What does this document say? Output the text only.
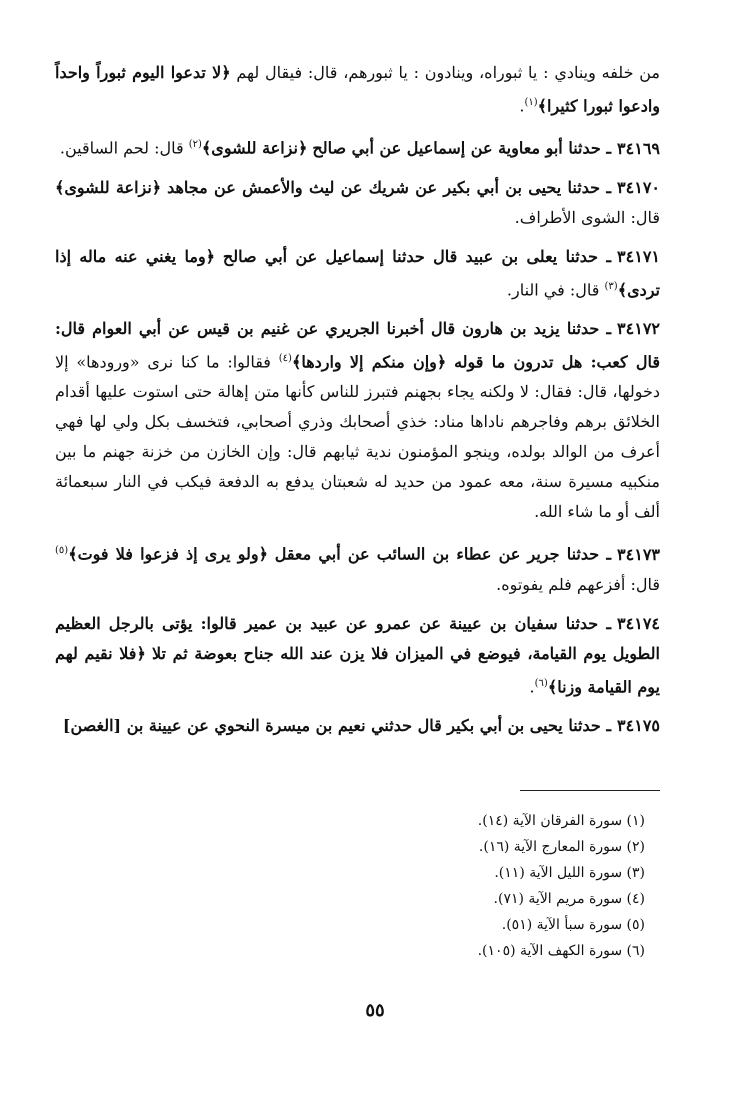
من خلفه وينادي : يا ثبوراه، وينادون : يا ثبورهم، قال: فيقال لهم ﴿لا تدعوا اليوم ثبوراً واحداً وادعوا ثبورا كثيرا﴾$^{(١)}$.

٣٤١٦٩ـ حدثنا أبو معاوية عن إسماعيل عن أبي صالح ﴿نزاعة للشوى﴾$^{(٢)}$ قال: لحم الساقين.

٣٤١٧٠ـ حدثنا يحيى بن أبي بكير عن شريك عن ليث والأعمش عن مجاهد ﴿نزاعة للشوى﴾ قال: الشوى الأطراف.

٣٤١٧١ـ حدثنا يعلى بن عبيد قال حدثنا إسماعيل عن أبي صالح ﴿وما يغني عنه ماله إذا تردى﴾$^{(٣)}$ قال: في النار.

٣٤١٧٢ـ حدثنا يزيد بن هارون قال أخبرنا الجريري عن غنيم بن قيس عن أبي العوام قال: قال كعب: هل تدرون ما قوله ﴿وإن منكم إلا واردها﴾$^{(٤)}$ فقالوا: ما كنا نرى «ورودها» إلا دخولها، قال: فقال: لا ولكنه يجاء بجهنم فتبرز للناس كأنها متن إهالة حتى استوت عليها أقدام الخلائق برهم وفاجرهم ناداها مناد: خذي أصحابك وذري أصحابي، فتخسف بكل ولي لها فهي أعرف من الوالد بولده، وينجو المؤمنون ندية ثيابهم قال: وإن الخازن من خزنة جهنم ما بين منكبيه مسيرة سنة، معه عمود من حديد له شعبتان يدفع به الدفعة فيكب في النار سبعمائة ألف أو ما شاء الله.

٣٤١٧٣ـ حدثنا جرير عن عطاء بن السائب عن أبي معقل ﴿ولو يرى إذ فزعوا فلا فوت﴾$^{(٥)}$ قال: أفزعهم فلم يفوتوه.

٣٤١٧٤ـ حدثنا سفيان بن عيينة عن عمرو عن عبيد بن عمير قالوا: يؤتى بالرجل العظيم الطويل يوم القيامة، فيوضع في الميزان فلا يزن عند الله جناح بعوضة ثم تلا ﴿فلا نقيم لهم يوم القيامة وزنا﴾$^{(٦)}$.

٣٤١٧٥ـ حدثنا يحيى بن أبي بكير قال حدثني نعيم بن ميسرة النحوي عن عيينة بن [الغصن]

(١) سورة الفرقان الآية (١٤).
(٢) سورة المعارج الآية (١٦).
(٣) سورة الليل الآية (١١).
(٤) سورة مريم الآية (٧١).
(٥) سورة سبأ الآية (٥١).
(٦) سورة الكهف الآية (١٠٥).
٥٥
